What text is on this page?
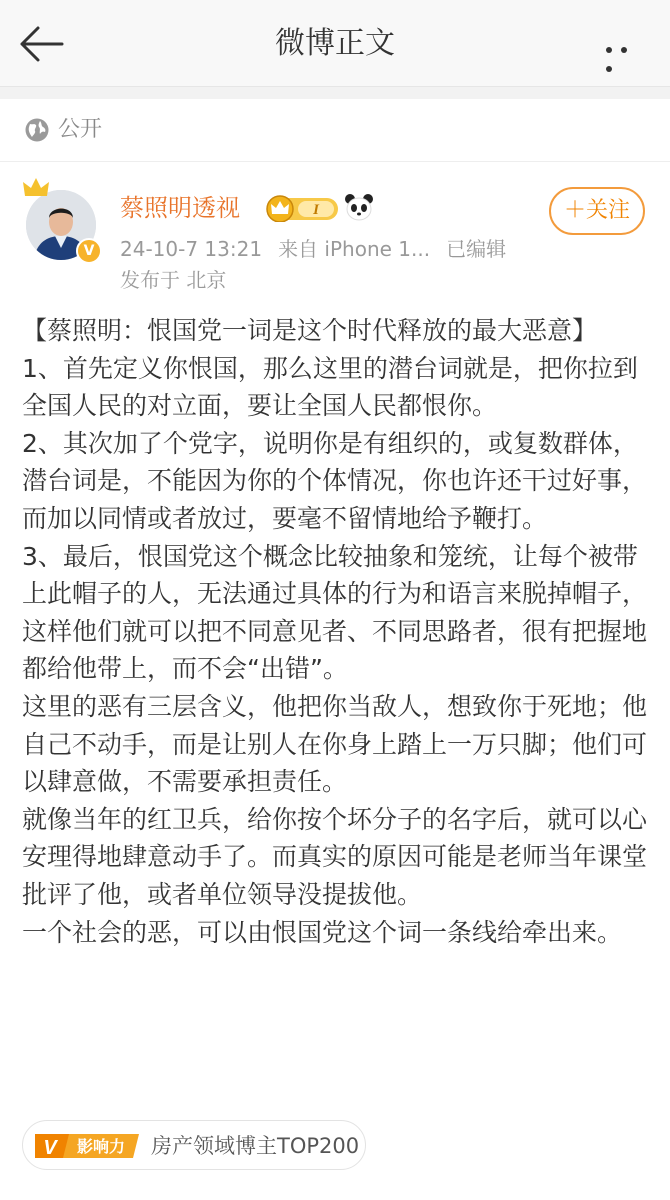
微博正文
公开
V
蔡照明透视	I
24-10-7 13:21 来自 iPhone 1... 已编辑
发布于 北京
＋关注

【蔡照明：恨国党一词是这个时代释放的最大恶意】

1、首先定义你恨国，那么这里的潜台词就是，把你拉到全国人民的对立面，要让全国人民都恨你。

2、其次加了个党字，说明你是有组织的，或复数群体，潜台词是，不能因为你的个体情况，你也许还干过好事，而加以同情或者放过，要毫不留情地给予鞭打。

3、最后，恨国党这个概念比较抽象和笼统，让每个被带上此帽子的人，无法通过具体的行为和语言来脱掉帽子，这样他们就可以把不同意见者、不同思路者，很有把握地都给他带上，而不会“出错”。

这里的恶有三层含义，他把你当敌人，想致你于死地；他自己不动手，而是让别人在你身上踏上一万只脚；他们可以肆意做，不需要承担责任。

就像当年的红卫兵，给你按个坏分子的名字后，就可以心安理得地肆意动手了。而真实的原因可能是老师当年课堂批评了他，或者单位领导没提拔他。

一个社会的恶，可以由恨国党这个词一条线给牵出来。

V 影响力 房产领域博主TOP200
